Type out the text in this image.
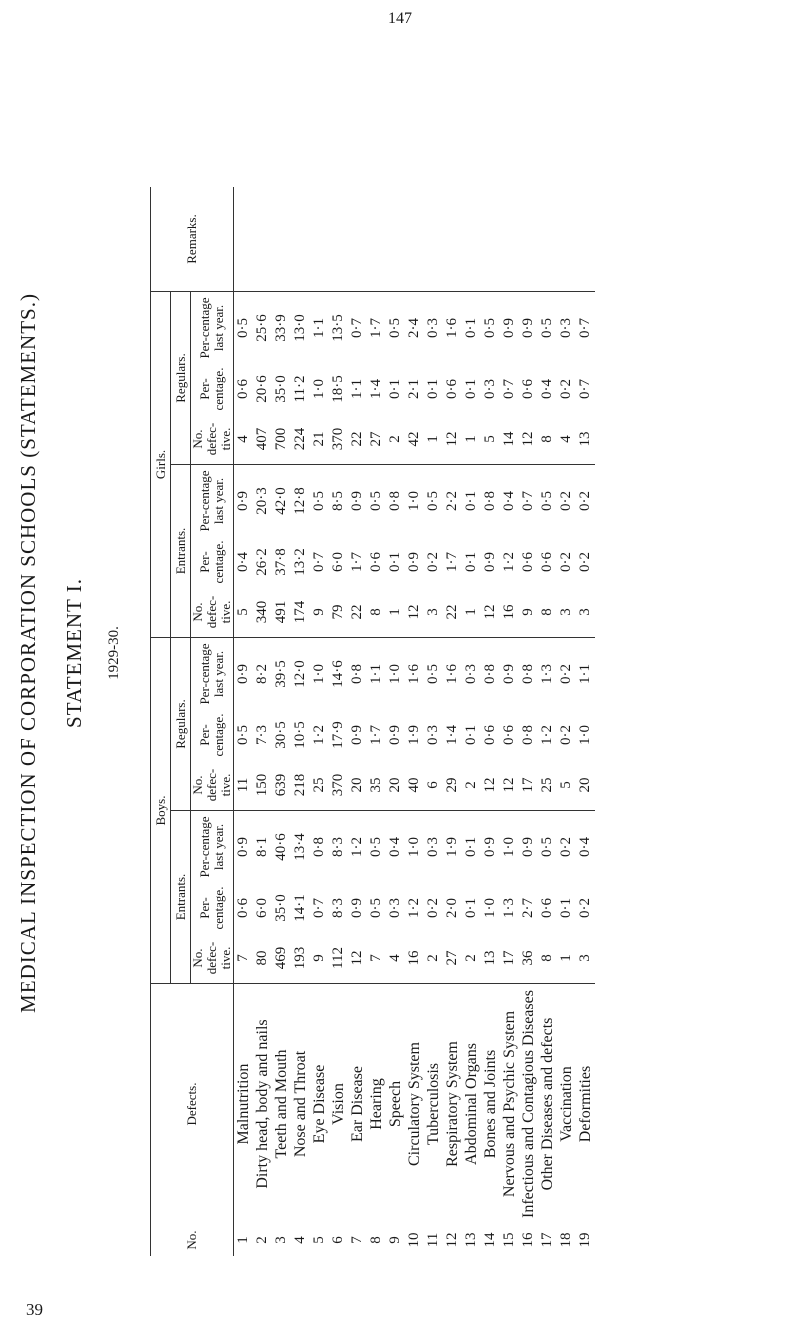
147
39
MEDICAL INSPECTION OF CORPORATION SCHOOLS (STATEMENTS.) STATEMENT I. 1929-30.
No.	Defects.	Boys.						Girls.						Remarks.
		Entrants.			Regulars.			Entrants.			Regulars.			
		No. defec-tive.	Per-centage.	Per-centage last year.	No. defec-tive.	Per-centage.	Per-centage last year.	No. defec-tive.	Per-centage.	Per-centage last year.	No. defec-tive.	Per-centage.	Per-centage last year.	
1	Malnutrition	7	0·6	0·9	11	0·5	0·9	5	0·4	0·9	4	0·6	0·5	
2	Dirty head, body and nails	80	6·0	8·1	150	7·3	8·2	340	26·2	20·3	407	20·6	25·6	
3	Teeth and Mouth	469	35·0	40·6	639	30·5	39·5	491	37·8	42·0	700	35·0	33·9	
4	Nose and Throat	193	14·1	13·4	218	10·5	12·0	174	13·2	12·8	224	11·2	13·0	
5	Eye Disease	9	0·7	0·8	25	1·2	1·0	9	0·7	0·5	21	1·0	1·1	
6	Vision	112	8·3	8·3	370	17·9	14·6	79	6·0	8·5	370	18·5	13·5	
7	Ear Disease	12	0·9	1·2	20	0·9	0·8	22	1·7	0·9	22	1·1	0·7	
8	Hearing	7	0·5	0·5	35	1·7	1·1	8	0·6	0·5	27	1·4	1·7	
9	Speech	4	0·3	0·4	20	0·9	1·0	1	0·1	0·8	2	0·1	0·5	
10	Circulatory System	16	1·2	1·0	40	1·9	1·6	12	0·9	1·0	42	2·1	2·4	
11	Tuberculosis	2	0·2	0·3	6	0·3	0·5	3	0·2	0·5	1	0·1	0·3	
12	Respiratory System	27	2·0	1·9	29	1·4	1·6	22	1·7	2·2	12	0·6	1·6	
13	Abdominal Organs	2	0·1	0·1	2	0·1	0·3	1	0·1	0·1	1	0·1	0·1	
14	Bones and Joints	13	1·0	0·9	12	0·6	0·8	12	0·9	0·8	5	0·3	0·5	
15	Nervous and Psychic System	17	1·3	1·0	12	0·6	0·9	16	1·2	0·4	14	0·7	0·9	
16	Infectious and Contagious Diseases	36	2·7	0·9	17	0·8	0·8	9	0·6	0·7	12	0·6	0·9	
17	Other Diseases and defects	8	0·6	0·5	25	1·2	1·3	8	0·6	0·5	8	0·4	0·5	
18	Vaccination	1	0·1	0·2	5	0·2	0·2	3	0·2	0·2	4	0·2	0·3	
19	Deformities	3	0·2	0·4	20	1·0	1·1	3	0·2	0·2	13	0·7	0·7	
